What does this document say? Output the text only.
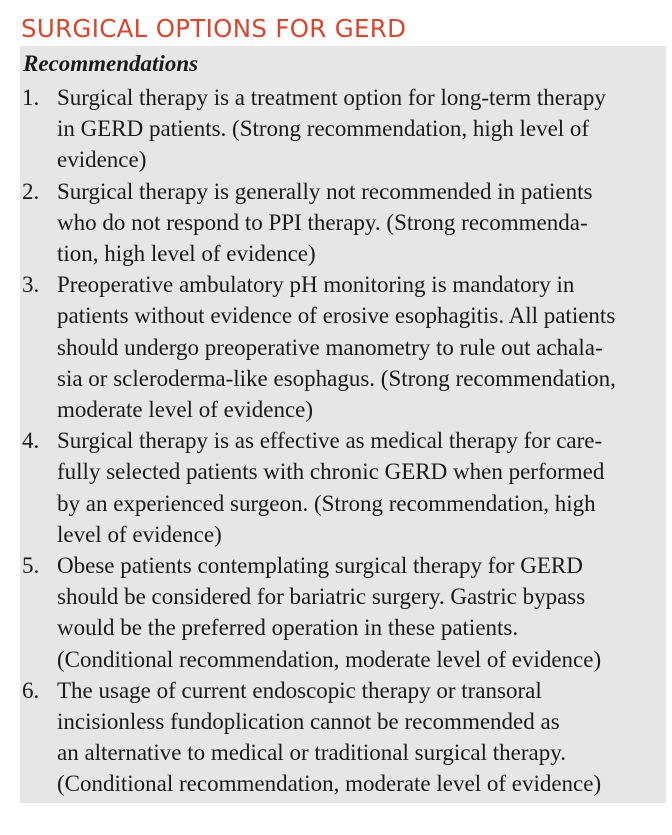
SURGICAL OPTIONS FOR GERD
Recommendations
1. Surgical therapy is a treatment option for long-term therapy
in GERD patients. (Strong recommendation, high level of
evidence)
2. Surgical therapy is generally not recommended in patients
who do not respond to PPI therapy. (Strong recommenda-
tion, high level of evidence)
3. Preoperative ambulatory pH monitoring is mandatory in
patients without evidence of erosive esophagitis. All patients
should undergo preoperative manometry to rule out achala-
sia or scleroderma-like esophagus. (Strong recommendation,
moderate level of evidence)
4. Surgical therapy is as effective as medical therapy for care-
fully selected patients with chronic GERD when performed
by an experienced surgeon. (Strong recommendation, high
level of evidence)
5. Obese patients contemplating surgical therapy for GERD
should be considered for bariatric surgery. Gastric bypass
would be the preferred operation in these patients.
(Conditional recommendation, moderate level of evidence)
6. The usage of current endoscopic therapy or transoral
incisionless fundoplication cannot be recommended as
an alternative to medical or traditional surgical therapy.
(Conditional recommendation, moderate level of evidence)
